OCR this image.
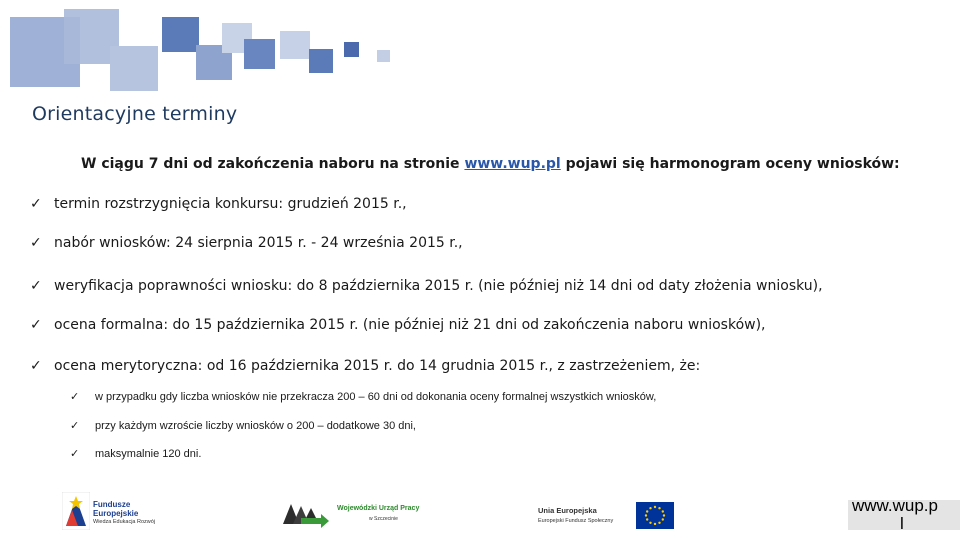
Orientacyjne terminy
W ciągu 7 dni od zakończenia naboru na stronie www.wup.pl pojawi się harmonogram oceny wniosków:
✓ termin rozstrzygnięcia konkursu: grudzień 2015 r.,
✓ nabór wniosków: 24 sierpnia 2015 r. - 24 września 2015 r.,
✓ weryfikacja poprawności wniosku: do 8 października 2015 r. (nie później niż 14 dni od daty złożenia wniosku),
✓ ocena formalna: do 15 października 2015 r. (nie później niż 21 dni od zakończenia naboru wniosków),
✓ ocena merytoryczna: od 16 października 2015 r. do 14 grudnia 2015 r., z zastrzeżeniem, że:
✓ w przypadku gdy liczba wniosków nie przekracza 200 – 60 dni od dokonania oceny formalnej wszystkich wniosków,
✓ przy każdym wzroście liczby wniosków o 200 – dodatkowe 30 dni,
✓ maksymalnie 120 dni.
Fundusze
Europejskie
Wiedza Edukacja Rozwój
Wojewódzki Urząd Pracy
w Szczecinie
Unia Europejska
Europejski Fundusz Społeczny
www.wup.p
l
